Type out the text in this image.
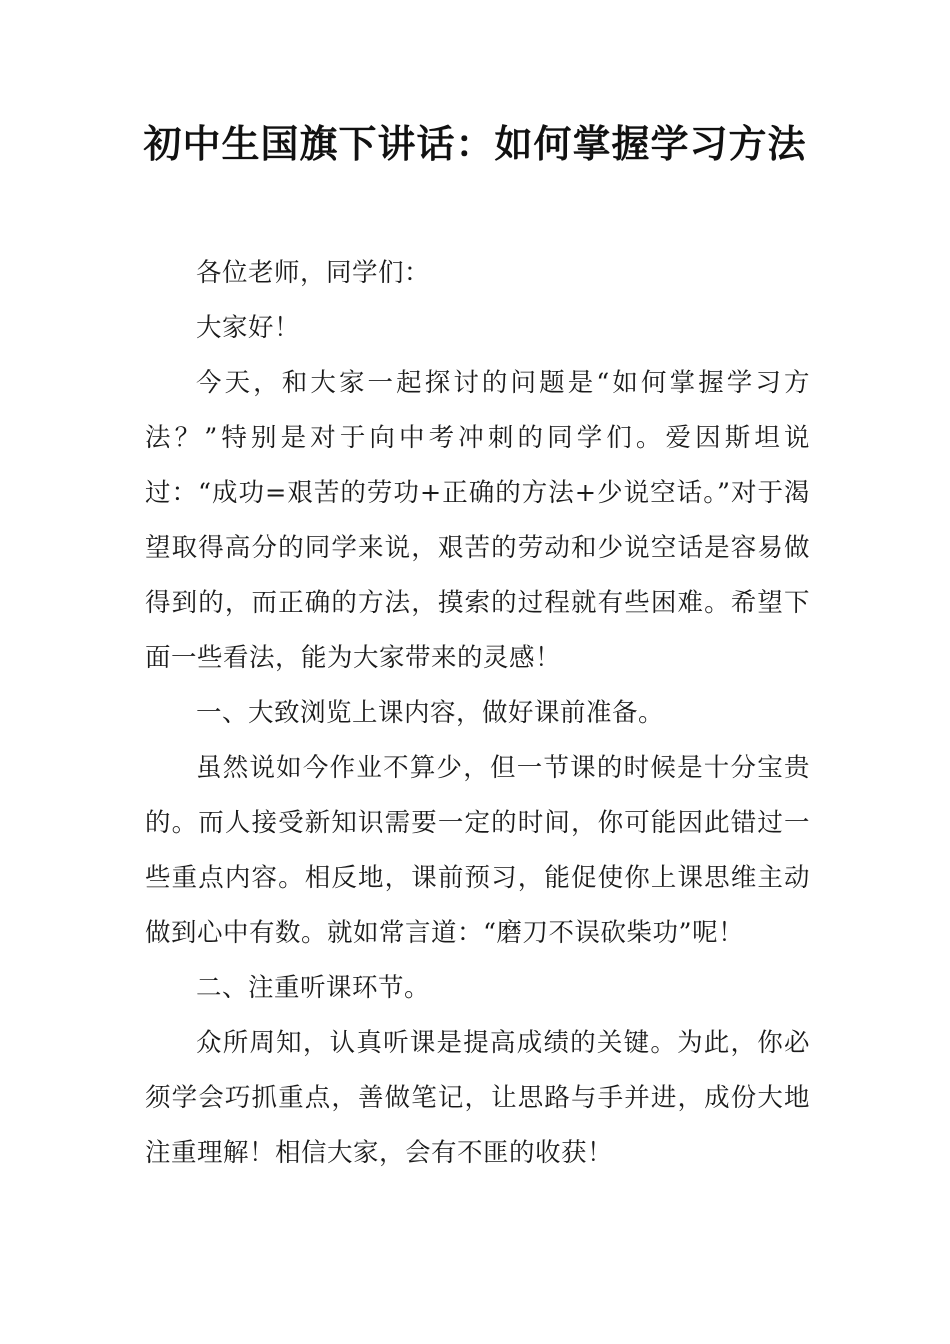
初中生国旗下讲话：如何掌握学习方法

各位老师，同学们：

大家好！

今天，和大家一起探讨的问题是“如何掌握学习方法？”特别是对于向中考冲刺的同学们。爱因斯坦说过：“成功=艰苦的劳功+正确的方法+少说空话。”对于渴望取得高分的同学来说，艰苦的劳动和少说空话是容易做得到的，而正确的方法，摸索的过程就有些困难。希望下面一些看法，能为大家带来的灵感！

一、大致浏览上课内容，做好课前准备。

虽然说如今作业不算少，但一节课的时候是十分宝贵的。而人接受新知识需要一定的时间，你可能因此错过一些重点内容。相反地，课前预习，能促使你上课思维主动做到心中有数。就如常言道：“磨刀不误砍柴功”呢！

二、注重听课环节。

众所周知，认真听课是提高成绩的关键。为此，你必须学会巧抓重点，善做笔记，让思路与手并进，成份大地注重理解！相信大家，会有不匪的收获！
